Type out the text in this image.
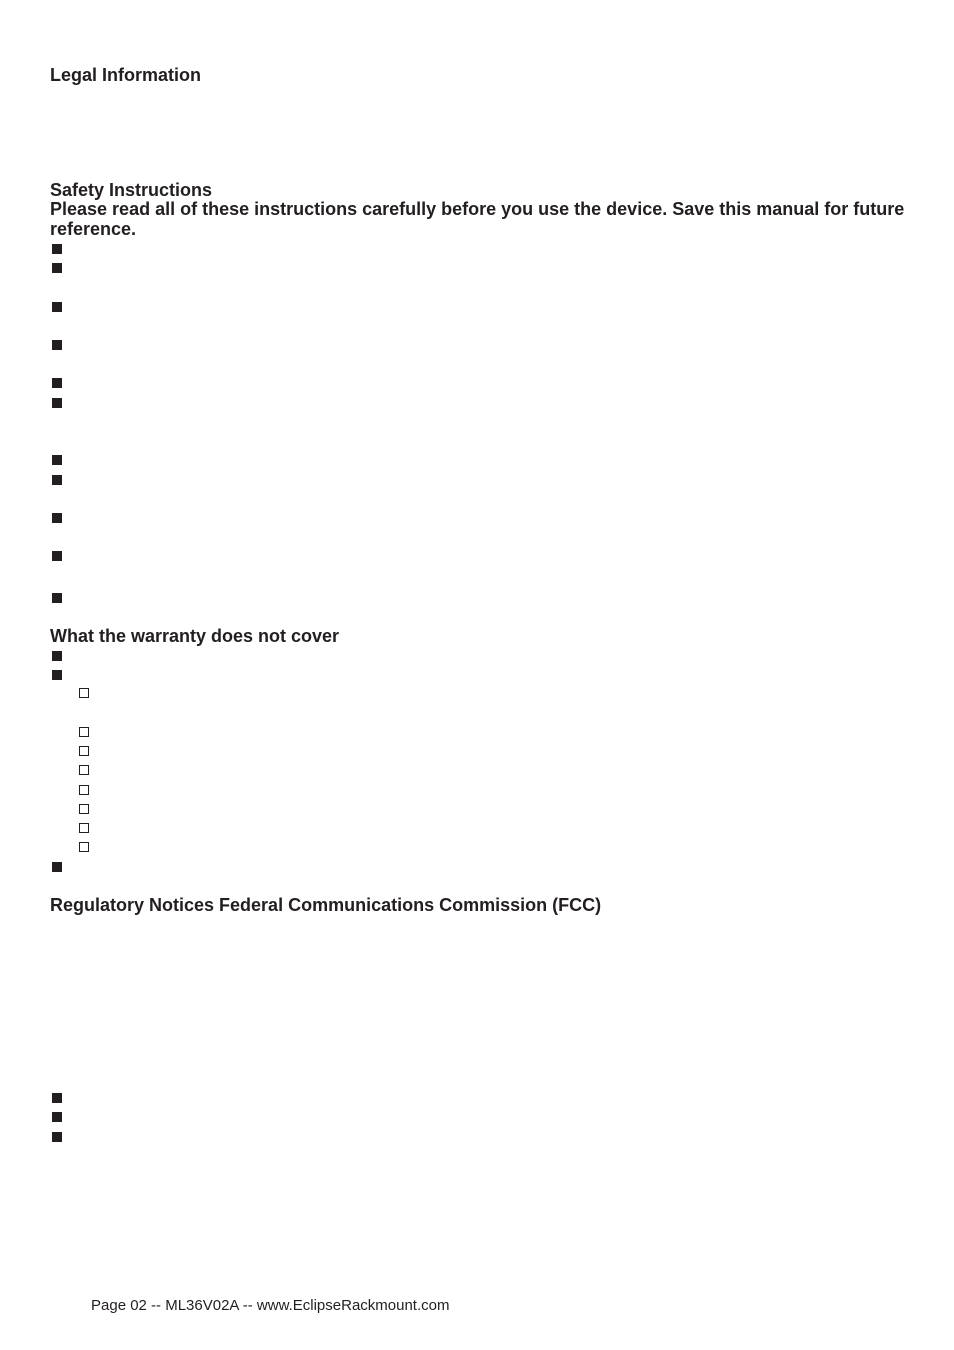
Legal Information
Safety Instructions
Please read all of these instructions carefully before you use the device. Save this manual for future reference.
What the warranty does not cover
Regulatory Notices Federal Communications Commission (FCC)
Page 02 -- ML36V02A -- www.EclipseRackmount.com
